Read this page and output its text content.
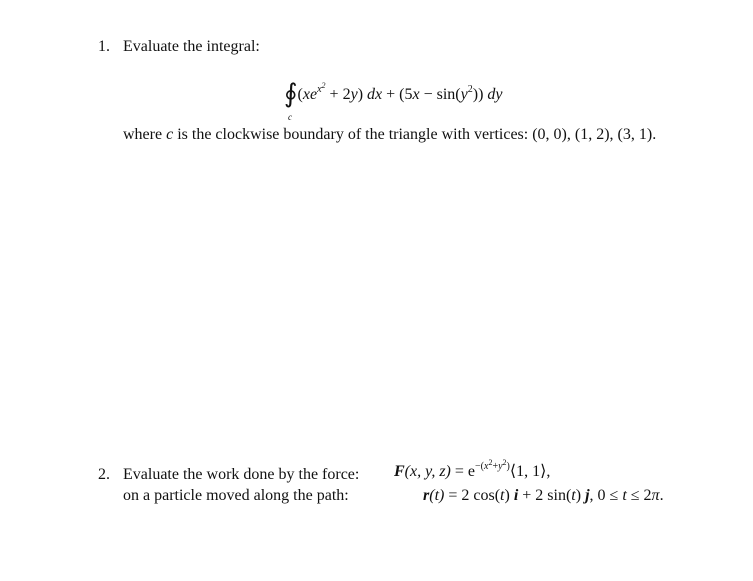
1. Evaluate the integral:
$∮(xe^{x^2} + 2y)$ dx + $(5x - \sin(y^2))$ dy
c
where c is the clockwise boundary of the triangle with vertices: (0, 0), (1, 2), (3, 1).
2. Evaluate the work done by the force: F(x, y, $z) = e^{-(x^2+y^2)}⟨1$, 1⟩,
on a particle moved along the path:	r(t) = 2 cos(t) i + 2 sin(t) j, 0 ≤ t ≤ 2π.
